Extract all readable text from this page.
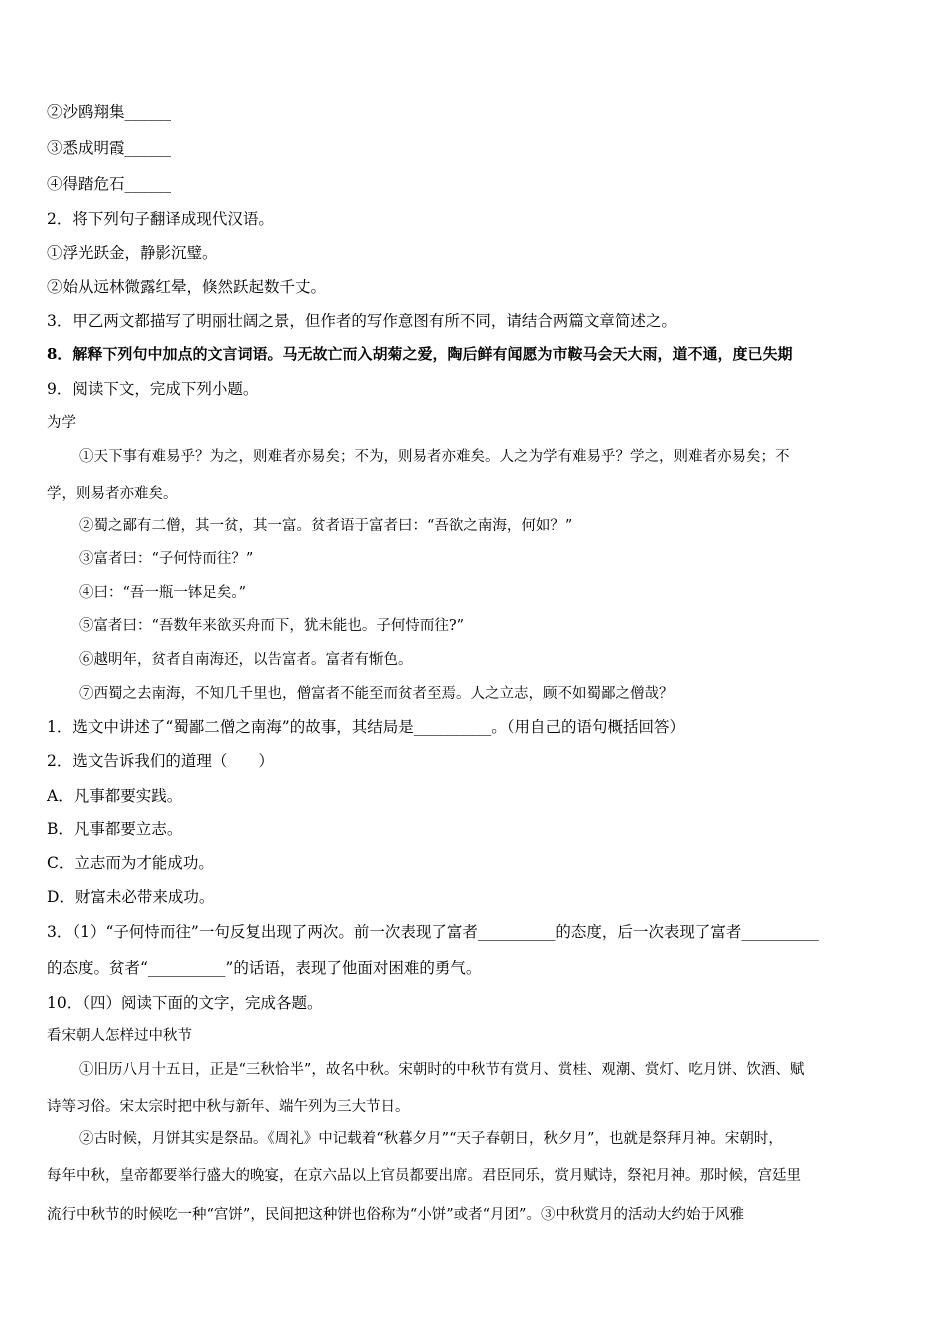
②沙鸥翔集______
③悉成明霞______
④得踏危石______
2．将下列句子翻译成现代汉语。
①浮光跃金，静影沉璧。
②始从远林微露红晕，倏然跃起数千丈。
3．甲乙两文都描写了明丽壮阔之景，但作者的写作意图有所不同，请结合两篇文章简述之。
8．解释下列句中加点的文言词语。马无故亡而入胡菊之爱，陶后鲜有闻愿为市鞍马会天大雨，道不通，度已失期
9．阅读下文，完成下列小题。
为学
①天下事有难易乎？为之，则难者亦易矣；不为，则易者亦难矣。人之为学有难易乎？学之，则难者亦易矣；不
学，则易者亦难矣。
②蜀之鄙有二僧，其一贫，其一富。贫者语于富者曰：“吾欲之南海，何如？”
③富者曰：“子何恃而往？”
④曰：“吾一瓶一钵足矣。”
⑤富者曰：“吾数年来欲买舟而下，犹未能也。子何恃而往?”
⑥越明年，贫者自南海还，以告富者。富者有惭色。
⑦西蜀之去南海，不知几千里也，僧富者不能至而贫者至焉。人之立志，顾不如蜀鄙之僧哉？
1．选文中讲述了“蜀鄙二僧之南海”的故事，其结局是__________。（用自己的语句概括回答）
2．选文告诉我们的道理（　　）
A．凡事都要实践。
B．凡事都要立志。
C．立志而为才能成功。
D．财富未必带来成功。
3．（1）“子何恃而往”一句反复出现了两次。前一次表现了富者__________的态度，后一次表现了富者__________
的态度。贫者“__________”的话语，表现了他面对困难的勇气。
10．（四）阅读下面的文字，完成各题。
看宋朝人怎样过中秋节
①旧历八月十五日，正是“三秋恰半”，故名中秋。宋朝时的中秋节有赏月、赏桂、观潮、赏灯、吃月饼、饮酒、赋
诗等习俗。宋太宗时把中秋与新年、端午列为三大节日。
②古时候，月饼其实是祭品。《周礼》中记载着“秋暮夕月”“天子春朝日，秋夕月”，也就是祭拜月神。宋朝时，
每年中秋，皇帝都要举行盛大的晚宴，在京六品以上官员都要出席。君臣同乐，赏月赋诗，祭祀月神。那时候，宫廷里
流行中秋节的时候吃一种“宫饼”，民间把这种饼也俗称为“小饼”或者“月团”。③中秋赏月的活动大约始于风雅
